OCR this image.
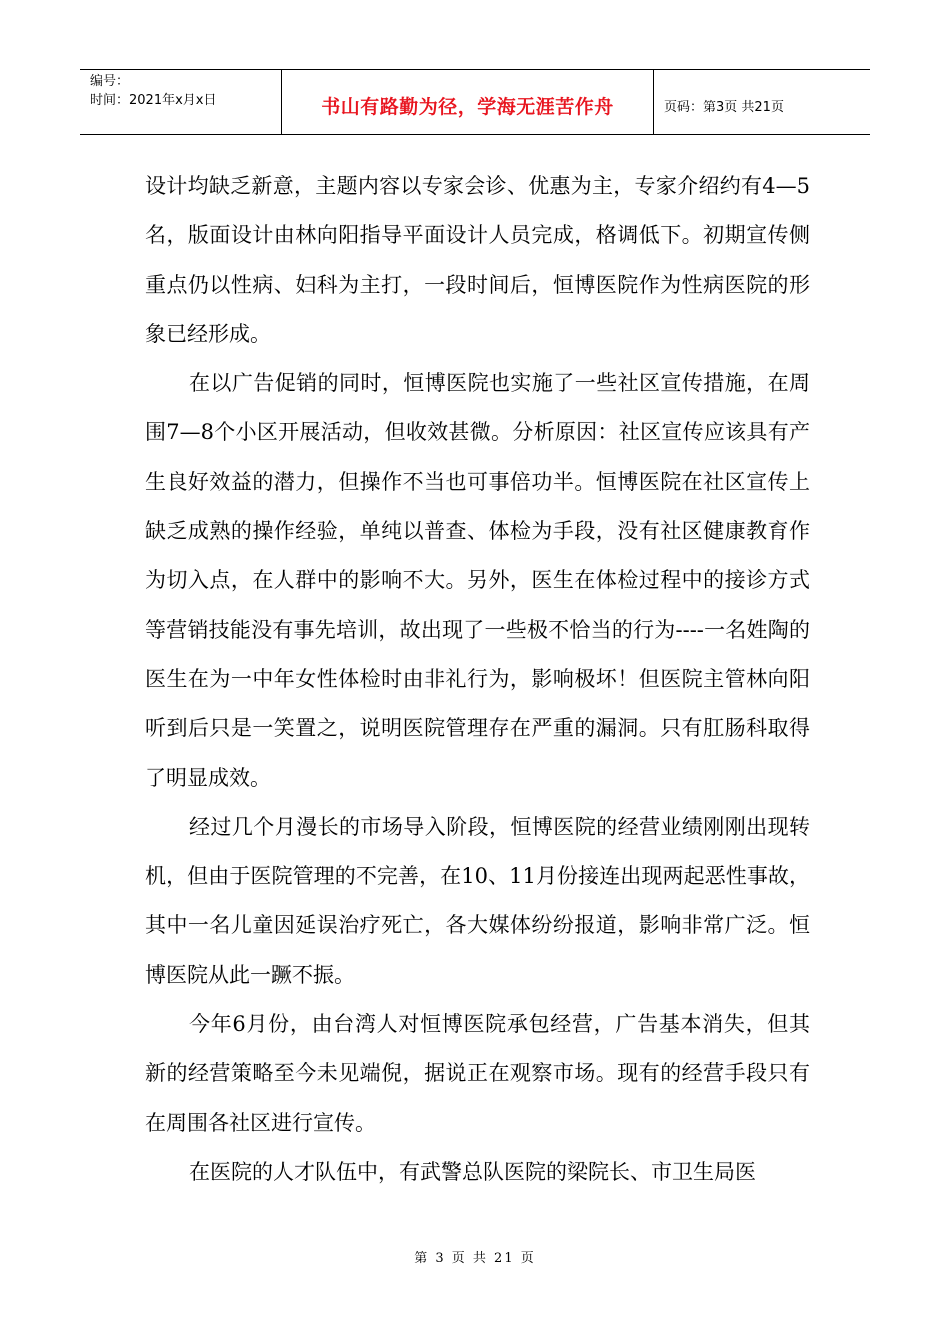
编号：
时间：2021年x月x日	书山有路勤为径，学海无涯苦作舟	页码：第3页 共21页

设计均缺乏新意，主题内容以专家会诊、优惠为主，专家介绍约有4—5名，版面设计由林向阳指导平面设计人员完成，格调低下。初期宣传侧重点仍以性病、妇科为主打，一段时间后，恒博医院作为性病医院的形象已经形成。

在以广告促销的同时，恒博医院也实施了一些社区宣传措施，在周围7—8个小区开展活动，但收效甚微。分析原因：社区宣传应该具有产生良好效益的潜力，但操作不当也可事倍功半。恒博医院在社区宣传上缺乏成熟的操作经验，单纯以普查、体检为手段，没有社区健康教育作为切入点，在人群中的影响不大。另外，医生在体检过程中的接诊方式等营销技能没有事先培训，故出现了一些极不恰当的行为----一名姓陶的医生在为一中年女性体检时由非礼行为，影响极坏！但医院主管林向阳听到后只是一笑置之，说明医院管理存在严重的漏洞。只有肛肠科取得了明显成效。

经过几个月漫长的市场导入阶段，恒博医院的经营业绩刚刚出现转机，但由于医院管理的不完善，在10、11月份接连出现两起恶性事故，其中一名儿童因延误治疗死亡，各大媒体纷纷报道，影响非常广泛。恒博医院从此一蹶不振。

今年6月份，由台湾人对恒博医院承包经营，广告基本消失，但其新的经营策略至今未见端倪，据说正在观察市场。现有的经营手段只有在周围各社区进行宣传。

在医院的人才队伍中，有武警总队医院的梁院长、市卫生局医

第 3 页 共 21 页
